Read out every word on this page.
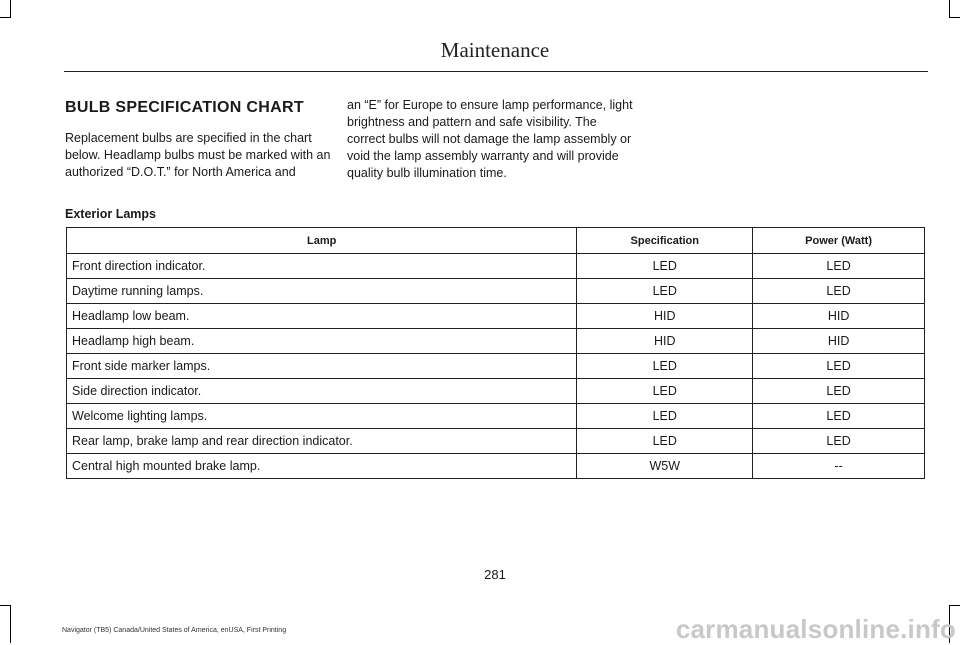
Maintenance
BULB SPECIFICATION CHART
Replacement bulbs are specified in the chart below. Headlamp bulbs must be marked with an authorized “D.O.T.” for North America and
an “E” for Europe to ensure lamp performance, light brightness and pattern and safe visibility. The correct bulbs will not damage the lamp assembly or void the lamp assembly warranty and will provide quality bulb illumination time.
Exterior Lamps
Lamp	Specification	Power (Watt)
Front direction indicator.	LED	LED
Daytime running lamps.	LED	LED
Headlamp low beam.	HID	HID
Headlamp high beam.	HID	HID
Front side marker lamps.	LED	LED
Side direction indicator.	LED	LED
Welcome lighting lamps.	LED	LED
Rear lamp, brake lamp and rear direction indicator.	LED	LED
Central high mounted brake lamp.	W5W	--
281
Navigator (TB5) Canada/United States of America, enUSA, First Printing	carmanualsonline.info
